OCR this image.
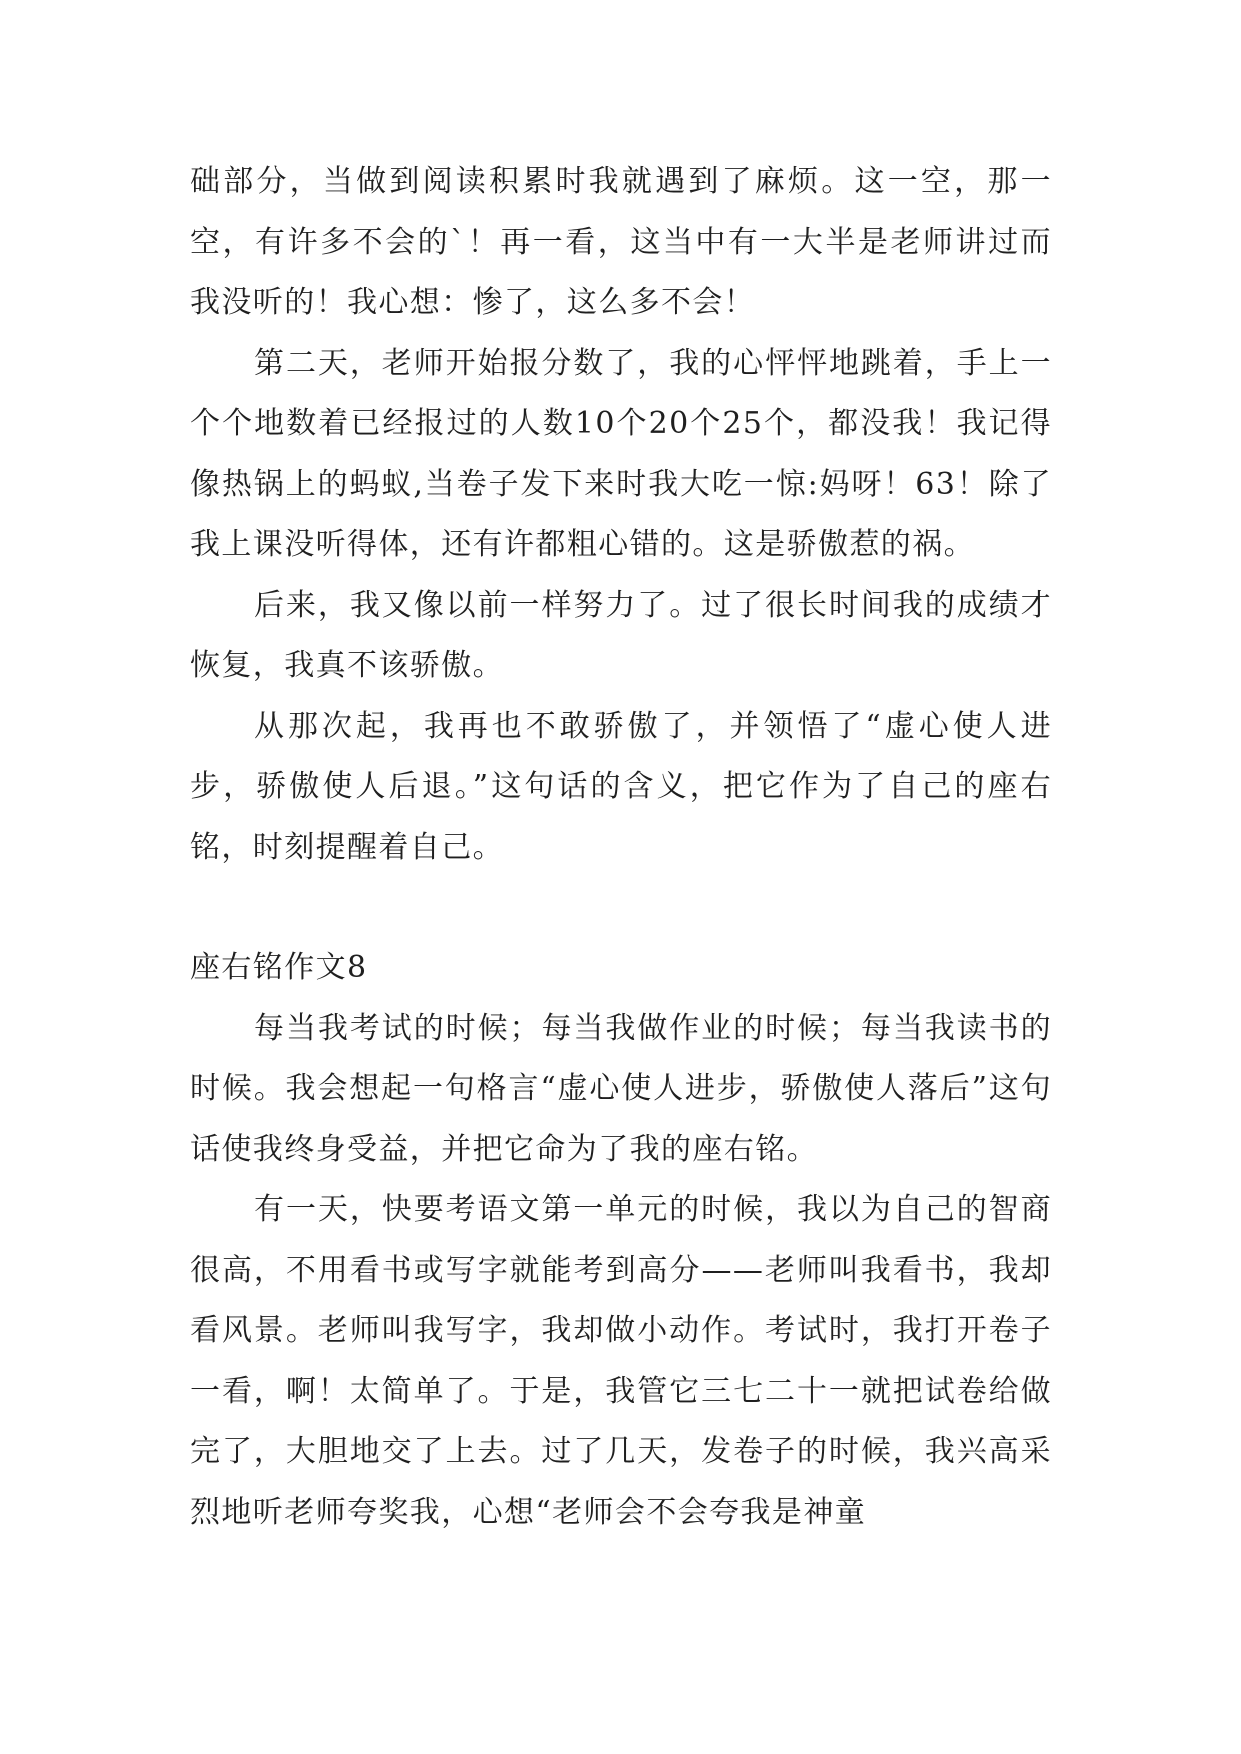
础部分，当做到阅读积累时我就遇到了麻烦。这一空，那一空，有许多不会的`！再一看，这当中有一大半是老师讲过而我没听的！我心想：惨了，这么多不会！

第二天，老师开始报分数了，我的心怦怦地跳着，手上一个个地数着已经报过的人数10个20个25个，都没我！我记得像热锅上的蚂蚁,当卷子发下来时我大吃一惊:妈呀！63！除了我上课没听得体，还有许都粗心错的。这是骄傲惹的祸。

后来，我又像以前一样努力了。过了很长时间我的成绩才恢复，我真不该骄傲。

从那次起，我再也不敢骄傲了，并领悟了“虚心使人进步，骄傲使人后退。”这句话的含义，把它作为了自己的座右铭，时刻提醒着自己。

座右铭作文8

每当我考试的时候；每当我做作业的时候；每当我读书的时候。我会想起一句格言“虚心使人进步，骄傲使人落后”这句话使我终身受益，并把它命为了我的座右铭。

有一天，快要考语文第一单元的时候，我以为自己的智商很高，不用看书或写字就能考到高分——老师叫我看书，我却看风景。老师叫我写字，我却做小动作。考试时，我打开卷子一看，啊！太简单了。于是，我管它三七二十一就把试卷给做完了，大胆地交了上去。过了几天，发卷子的时候，我兴高采烈地听老师夸奖我，心想“老师会不会夸我是神童
